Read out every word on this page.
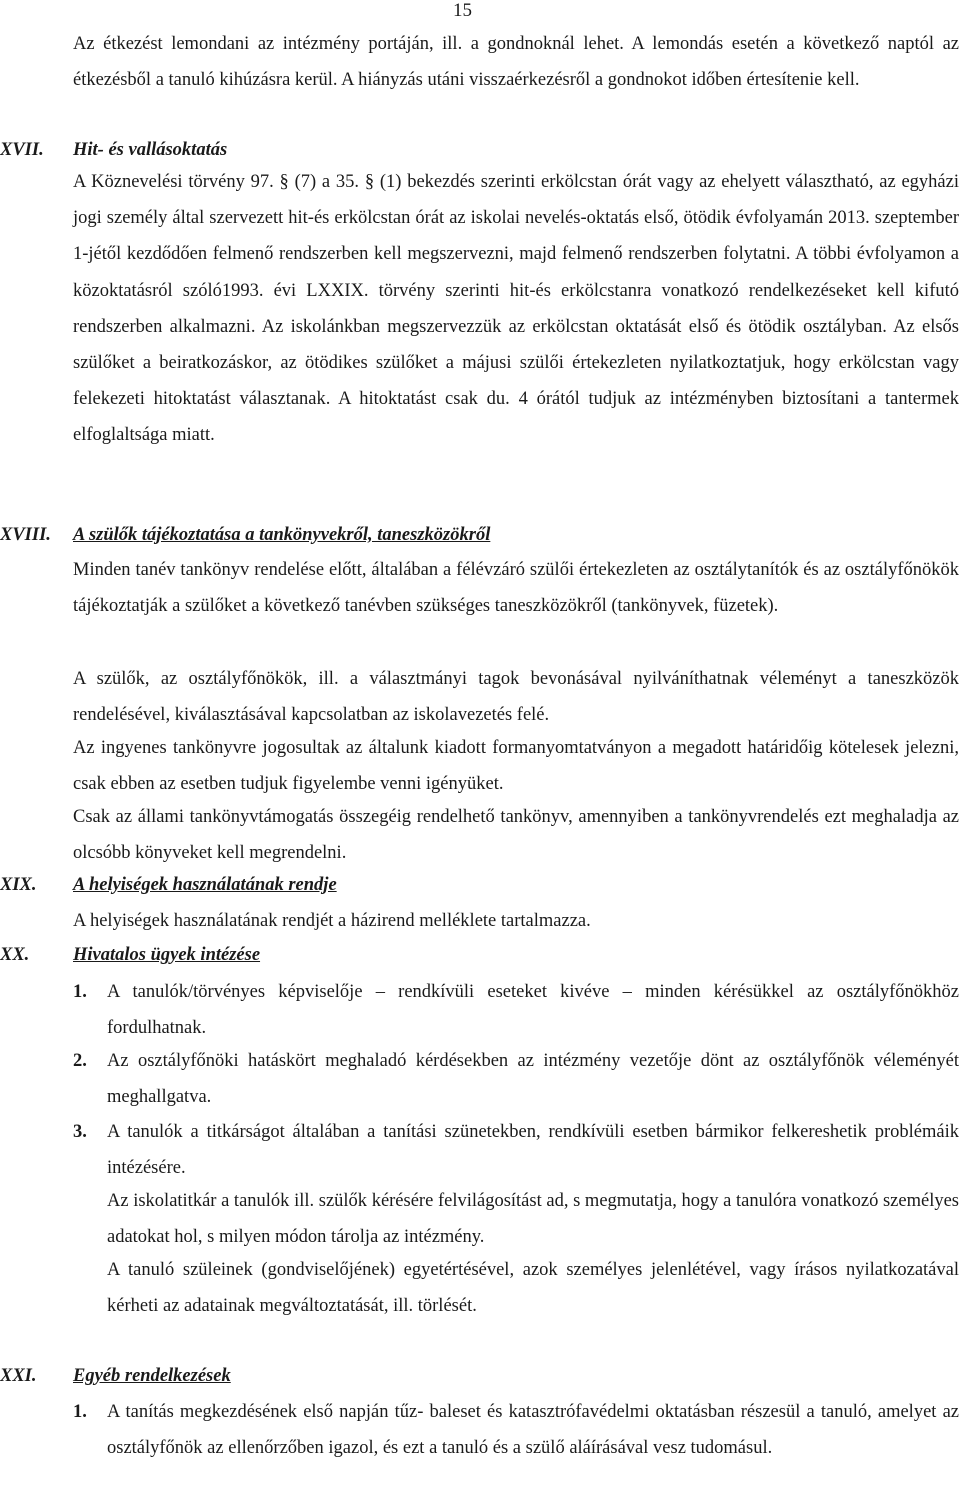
15

Az étkezést lemondani az intézmény portáján, ill. a gondnoknál lehet. A lemondás esetén a következő naptól az étkezésből a tanuló kihúzásra kerül. A hiányzás utáni visszaérkezésről a gondnokot időben értesítenie kell.

XVII. Hit- és vallásoktatás

A Köznevelési törvény 97. § (7) a 35. § (1) bekezdés szerinti erkölcstan órát vagy az ehelyett választható, az egyházi jogi személy által szervezett hit-és erkölcstan órát az iskolai nevelés-oktatás első, ötödik évfolyamán 2013. szeptember 1-jétől kezdődően felmenő rendszerben kell megszervezni, majd felmenő rendszerben folytatni. A többi évfolyamon a közoktatásról szóló1993. évi LXXIX. törvény szerinti hit-és erkölcstanra vonatkozó rendelkezéseket kell kifutó rendszerben alkalmazni. Az iskolánkban megszervezzük az erkölcstan oktatását első és ötödik osztályban. Az elsős szülőket a beiratkozáskor, az ötödikes szülőket a májusi szülői értekezleten nyilatkoztatjuk, hogy erkölcstan vagy felekezeti hitoktatást választanak. A hitoktatást csak du. 4 órától tudjuk az intézményben biztosítani a tantermek elfoglaltsága miatt.

XVIII. A szülők tájékoztatása a tankönyvekről, taneszközökről

Minden tanév tankönyv rendelése előtt, általában a félévzáró szülői értekezleten az osztálytanítók és az osztályfőnökök tájékoztatják a szülőket a következő tanévben szükséges taneszközökről (tankönyvek, füzetek).

A szülők, az osztályfőnökök, ill. a választmányi tagok bevonásával nyilváníthatnak véleményt a taneszközök rendelésével, kiválasztásával kapcsolatban az iskolavezetés felé.

Az ingyenes tankönyvre jogosultak az általunk kiadott formanyomtatványon a megadott határidőig kötelesek jelezni, csak ebben az esetben tudjuk figyelembe venni igényüket.

Csak az állami tankönyvtámogatás összegéig rendelhető tankönyv, amennyiben a tankönyvrendelés ezt meghaladja az olcsóbb könyveket kell megrendelni.

XIX. A helyiségek használatának rendje

A helyiségek használatának rendjét a házirend melléklete tartalmazza.

XX. Hivatalos ügyek intézése
1. A tanulók/törvényes képviselője – rendkívüli eseteket kivéve – minden kérésükkel az osztályfőnökhöz fordulhatnak.

2. Az osztályfőnöki hatáskört meghaladó kérdésekben az intézmény vezetője dönt az osztályfőnök véleményét meghallgatva.

3. A tanulók a titkárságot általában a tanítási szünetekben, rendkívüli esetben bármikor felkereshetik problémáik intézésére.

Az iskolatitkár a tanulók ill. szülők kérésére felvilágosítást ad, s megmutatja, hogy a tanulóra vonatkozó személyes adatokat hol, s milyen módon tárolja az intézmény.

A tanuló szüleinek (gondviselőjének) egyetértésével, azok személyes jelenlétével, vagy írásos nyilatkozatával kérheti az adatainak megváltoztatását, ill. törlését.

XXI. Egyéb rendelkezések
1. A tanítás megkezdésének első napján tűz- baleset és katasztrófavédelmi oktatásban részesül a tanuló, amelyet az osztályfőnök az ellenőrzőben igazol, és ezt a tanuló és a szülő aláírásával vesz tudomásul.
